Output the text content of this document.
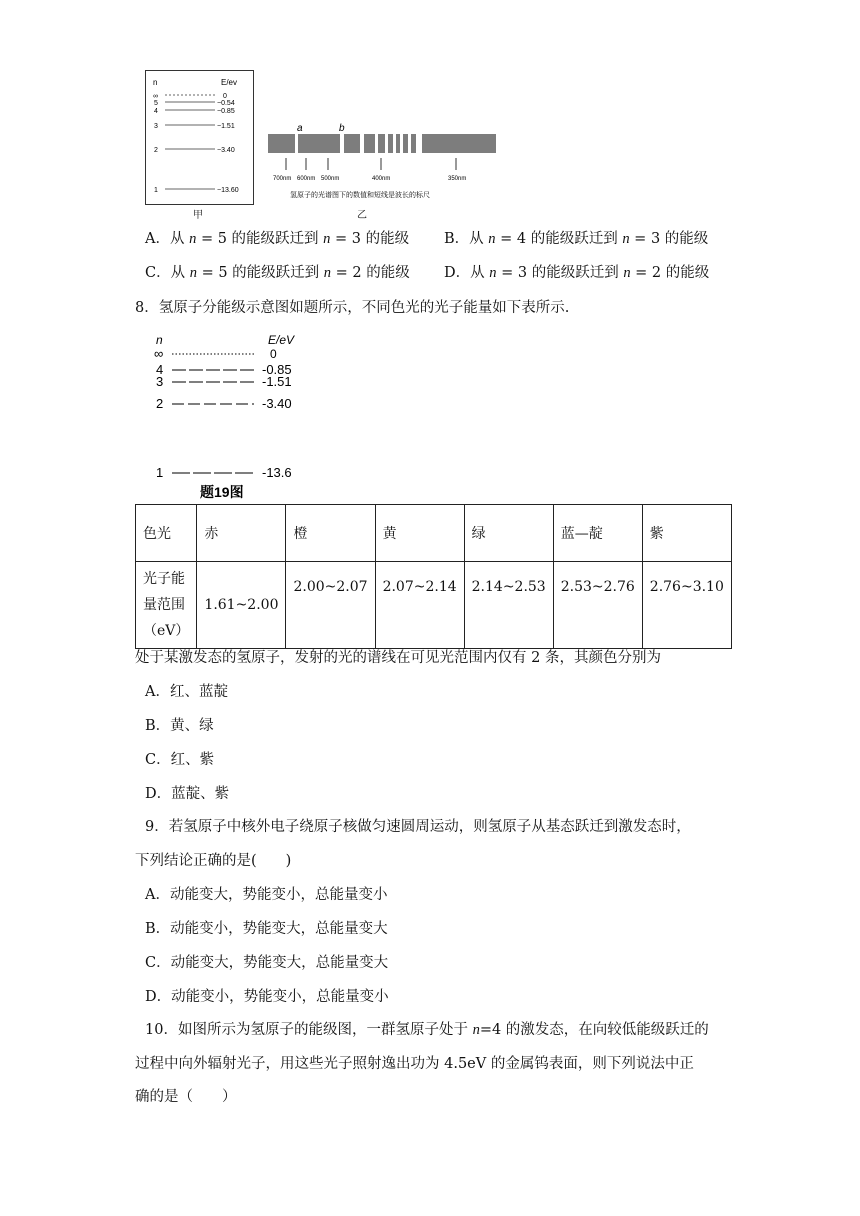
n	E/ev
∞	0
5	−0.54
4	−0.85
3	−1.51
2	−3.40
1	−13.60
甲
a	b
700nm 600nm 500nm	400nm	350nm
氢原子的光谱图下的数值和短线是波长的标尺
乙
A．从 n = 5 的能级跃迁到 n = 3 的能级 B．从 n = 4 的能级跃迁到 n = 3 的能级
C．从 n = 5 的能级跃迁到 n = 2 的能级 D．从 n = 3 的能级跃迁到 n = 2 的能级
8．氢原子分能级示意图如题所示，不同色光的光子能量如下表所示.
n	E/eV
∞	0
4	-0.85
3	-1.51
2	-3.40
1	-13.6
题19图
色光	赤	橙	黄	绿	蓝—靛	紫
光子能量范围（eV）	1.61~2.00	2.00~2.07	2.07~2.14	2.14~2.53	2.53~2.76	2.76~3.10
处于某激发态的氢原子，发射的光的谱线在可见光范围内仅有 2 条，其颜色分别为
A．红、蓝靛
B．黄、绿
C．红、紫
D．蓝靛、紫
9．若氢原子中核外电子绕原子核做匀速圆周运动，则氢原子从基态跃迁到激发态时，
下列结论正确的是(　　)
A．动能变大，势能变小，总能量变小
B．动能变小，势能变大，总能量变大
C．动能变大，势能变大，总能量变大
D．动能变小，势能变小，总能量变小
10．如图所示为氢原子的能级图，一群氢原子处于 n=4 的激发态，在向较低能级跃迁的
过程中向外辐射光子，用这些光子照射逸出功为 4.5eV 的金属钨表面，则下列说法中正
确的是（　　）
